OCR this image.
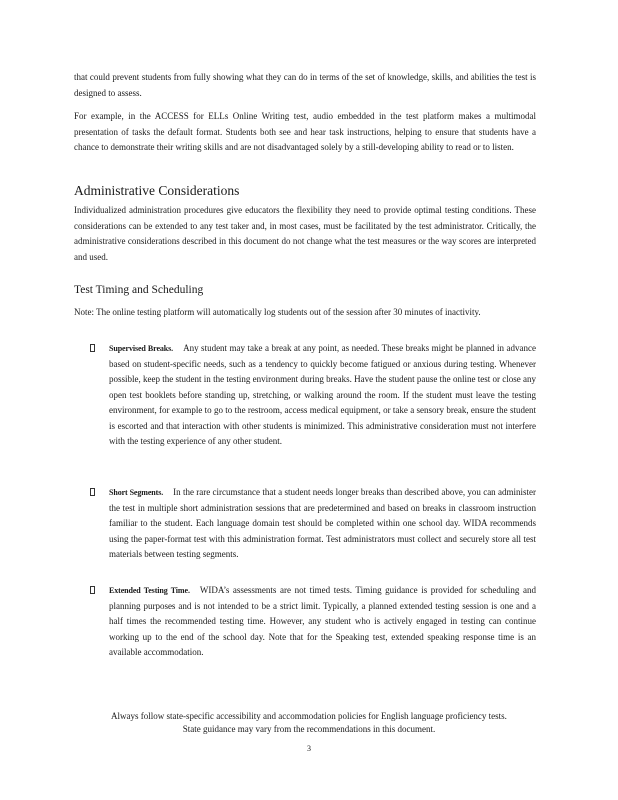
that could prevent students from fully showing what they can do in terms of the set of knowledge, skills, and abilities the test is designed to assess.

For example, in the ACCESS for ELLs Online Writing test, audio embedded in the test platform makes a multimodal presentation of tasks the default format. Students both see and hear task instructions, helping to ensure that students have a chance to demonstrate their writing skills and are not disadvantaged solely by a still-developing ability to read or to listen.

Administrative Considerations

Individualized administration procedures give educators the flexibility they need to provide optimal testing conditions. These considerations can be extended to any test taker and, in most cases, must be facilitated by the test administrator. Critically, the administrative considerations described in this document do not change what the test measures or the way scores are interpreted and used.

Test Timing and Scheduling

Note: The online testing platform will automatically log students out of the session after 30 minutes of inactivity.

Supervised Breaks. Any student may take a break at any point, as needed. These breaks might be planned in advance based on student-specific needs, such as a tendency to quickly become fatigued or anxious during testing. Whenever possible, keep the student in the testing environment during breaks. Have the student pause the online test or close any open test booklets before standing up, stretching, or walking around the room. If the student must leave the testing environment, for example to go to the restroom, access medical equipment, or take a sensory break, ensure the student is escorted and that interaction with other students is minimized. This administrative consideration must not interfere with the testing experience of any other student.
Short Segments. In the rare circumstance that a student needs longer breaks than described above, you can administer the test in multiple short administration sessions that are predetermined and based on breaks in classroom instruction familiar to the student. Each language domain test should be completed within one school day. WIDA recommends using the paper-format test with this administration format. Test administrators must collect and securely store all test materials between testing segments.
Extended Testing Time. WIDA’s assessments are not timed tests. Timing guidance is provided for scheduling and planning purposes and is not intended to be a strict limit. Typically, a planned extended testing session is one and a half times the recommended testing time. However, any student who is actively engaged in testing can continue working up to the end of the school day. Note that for the Speaking test, extended speaking response time is an available accommodation.
Always follow state-specific accessibility and accommodation policies for English language proficiency tests.
State guidance may vary from the recommendations in this document.
3
